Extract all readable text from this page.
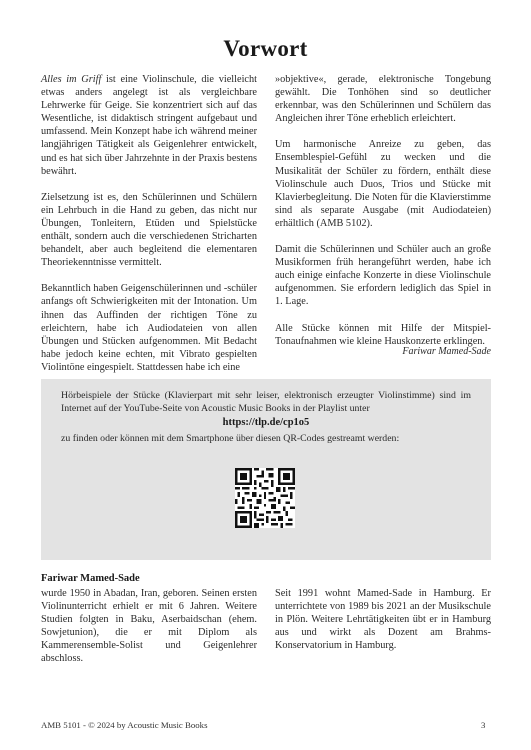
Vorwort

Alles im Griff ist eine Violinschule, die vielleicht etwas anders angelegt ist als vergleichbare Lehrwerke für Geige. Sie konzentriert sich auf das Wesentliche, ist didaktisch stringent aufgebaut und umfassend. Mein Konzept habe ich während meiner langjährigen Tätigkeit als Geigenlehrer entwickelt, und es hat sich über Jahrzehnte in der Praxis bestens bewährt.

Zielsetzung ist es, den Schülerinnen und Schülern ein Lehrbuch in die Hand zu geben, das nicht nur Übungen, Tonleitern, Etüden und Spielstücke enthält, sondern auch die verschiedenen Stricharten behandelt, aber auch begleitend die elementaren Theoriekenntnisse vermittelt.

Bekanntlich haben Geigenschülerinnen und -schüler anfangs oft Schwierigkeiten mit der Intonation. Um ihnen das Auffinden der richtigen Töne zu erleichtern, habe ich Audiodateien von allen Übungen und Stücken aufgenommen. Mit Bedacht habe jedoch keine echten, mit Vibrato gespielten Violintöne eingespielt. Stattdessen habe ich eine

»objektive«, gerade, elektronische Tongebung gewählt. Die Tonhöhen sind so deutlicher erkennbar, was den Schülerinnen und Schülern das Angleichen ihrer Töne erheblich erleichtert.

Um harmonische Anreize zu geben, das Ensemblespiel-Gefühl zu wecken und die Musikalität der Schüler zu fördern, enthält diese Violinschule auch Duos, Trios und Stücke mit Klavierbegleitung. Die Noten für die Klavierstimme sind als separate Ausgabe (mit Audiodateien) erhältlich (AMB 5102).

Damit die Schülerinnen und Schüler auch an große Musikformen früh herangeführt werden, habe ich auch einige einfache Konzerte in diese Violinschule aufgenommen. Sie erfordern lediglich das Spiel in 1. Lage.

Alle Stücke können mit Hilfe der Mitspiel-Tonaufnahmen wie kleine Hauskonzerte erklingen.

Fariwar Mamed-Sade
Hörbeispiele der Stücke (Klavierpart mit sehr leiser, elektronisch erzeugter Violinstimme) sind im Internet auf der YouTube-Seite von Acoustic Music Books in der Playlist unter
https://tlp.de/cp1o5
zu finden oder können mit dem Smartphone über diesen QR-Codes gestreamt werden:
Fariwar Mamed-Sade
wurde 1950 in Abadan, Iran, geboren. Seinen ersten Violinunterricht erhielt er mit 6 Jahren. Weitere Studien folgten in Baku, Aserbaidschan (ehem. Sowjetunion), die er mit Diplom als Kammerensemble-Solist und Geigenlehrer abschloss.
Seit 1991 wohnt Mamed-Sade in Hamburg. Er unterrichtete von 1989 bis 2021 an der Musikschule in Plön. Weitere Lehrtätigkeiten übt er in Hamburg aus und wirkt als Dozent am Brahms-Konservatorium in Hamburg.
AMB 5101 - © 2024 by Acoustic Music Books	3
